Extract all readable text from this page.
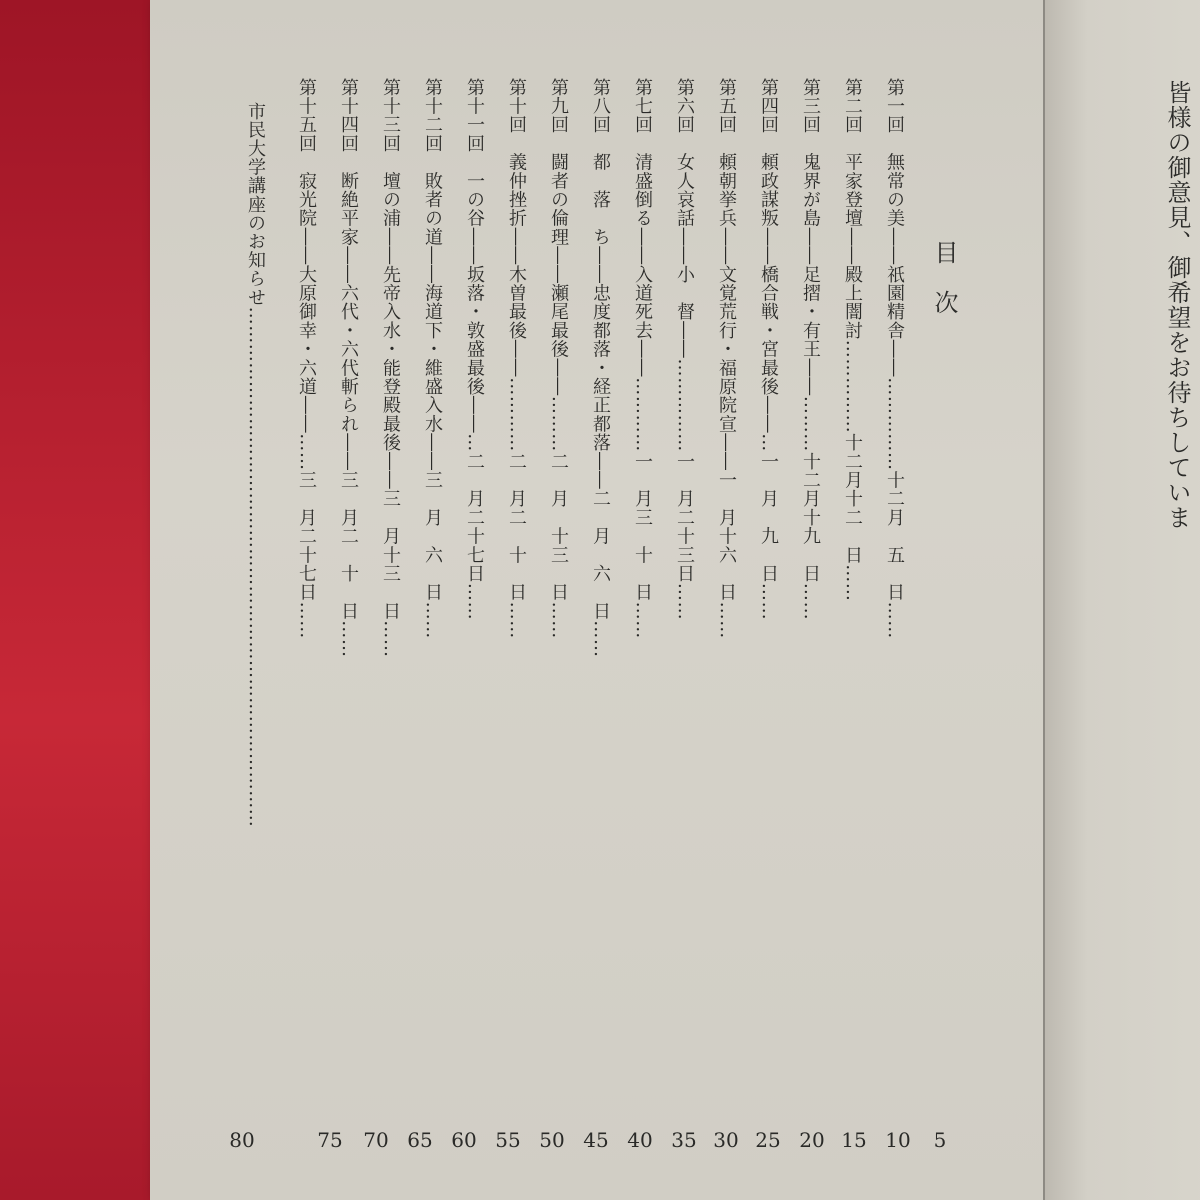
目次
第一回　無常の美――祇園精舎――……………十二月　五　日……
5
第二回　平家登壇――殿上闇討……………十二月十二　日……
10
第三回　鬼界が島――足摺・有王――………十二月十九　日……
15
第四回　頼政謀叛――橋合戦・宮最後――…一　月　九　日……
20
第五回　頼朝挙兵――文覚荒行・福原院宣――一　月十六　日……
25
第六回　女人哀話――小　督――……………一　月二十三日……
30
第七回　清盛倒る――入道死去――…………一　月三　十　日……
35
第八回　都　落　ち――忠度都落・経正都落――二　月　六　日……
40
第九回　闘者の倫理――瀬尾最後――………二　月　十三　日……
45
第十回　義仲挫折――木曽最後――…………二　月二　十　日……
50
第十一回　一の谷――坂落・敦盛最後――…二　月二十七日……
55
第十二回　敗者の道――海道下・維盛入水――三　月　六　日……
60
第十三回　壇の浦――先帝入水・能登殿最後――三　月十三　日……
65
第十四回　断絶平家――六代・六代斬られ――三　月二　十　日……
70
第十五回　寂光院――大原御幸・六道――……三　月二十七日……
75
市民大学講座のお知らせ…………………………………………………………………………
80
皆様の御意見、御希望をお待ちしていま
